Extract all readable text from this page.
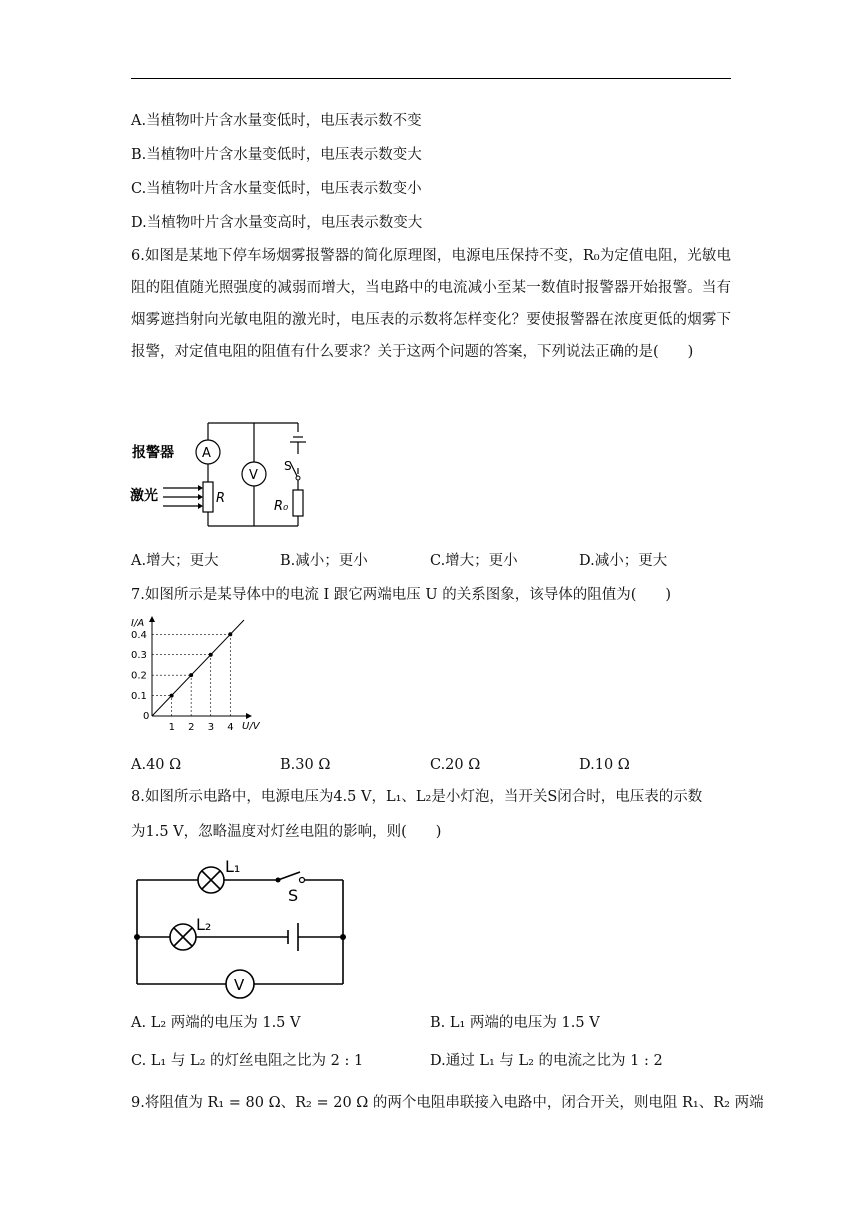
A.当植物叶片含水量变低时，电压表示数不变
B.当植物叶片含水量变低时，电压表示数变大
C.当植物叶片含水量变低时，电压表示数变小
D.当植物叶片含水量变高时，电压表示数变大
6.如图是某地下停车场烟雾报警器的简化原理图，电源电压保持不变，R₀为定值电阻，光敏电阻的阻值随光照强度的减弱而增大，当电路中的电流减小至某一数值时报警器开始报警。当有烟雾遮挡射向光敏电阻的激光时，电压表的示数将怎样变化？要使报警器在浓度更低的烟雾下报警，对定值电阻的阻值有什么要求？关于这两个问题的答案，下列说法正确的是(　　)
A
V
R
S
R₀
报警器
激光
A.增大；更大	B.减小；更小	C.增大；更小	D.减小；更大
7.如图所示是某导体中的电流 I 跟它两端电压 U 的关系图象，该导体的阻值为(　　)
I/A
U/V
0
1
0.1
2
0.2
3
0.3
4
0.4
A.40 Ω	B.30 Ω	C.20 Ω	D.10 Ω
8.如图所示电路中，电源电压为4.5 V，L₁、L₂是小灯泡，当开关S闭合时，电压表的示数
为1.5 V，忽略温度对灯丝电阻的影响，则(　　)
L₁
L₂
S
V
A. L₂ 两端的电压为 1.5 V	B. L₁ 两端的电压为 1.5 V
C. L₁ 与 L₂ 的灯丝电阻之比为 2 : 1	D.通过 L₁ 与 L₂ 的电流之比为 1 : 2
9.将阻值为 R₁ = 80 Ω、R₂ = 20 Ω 的两个电阻串联接入电路中，闭合开关，则电阻 R₁、R₂ 两端
